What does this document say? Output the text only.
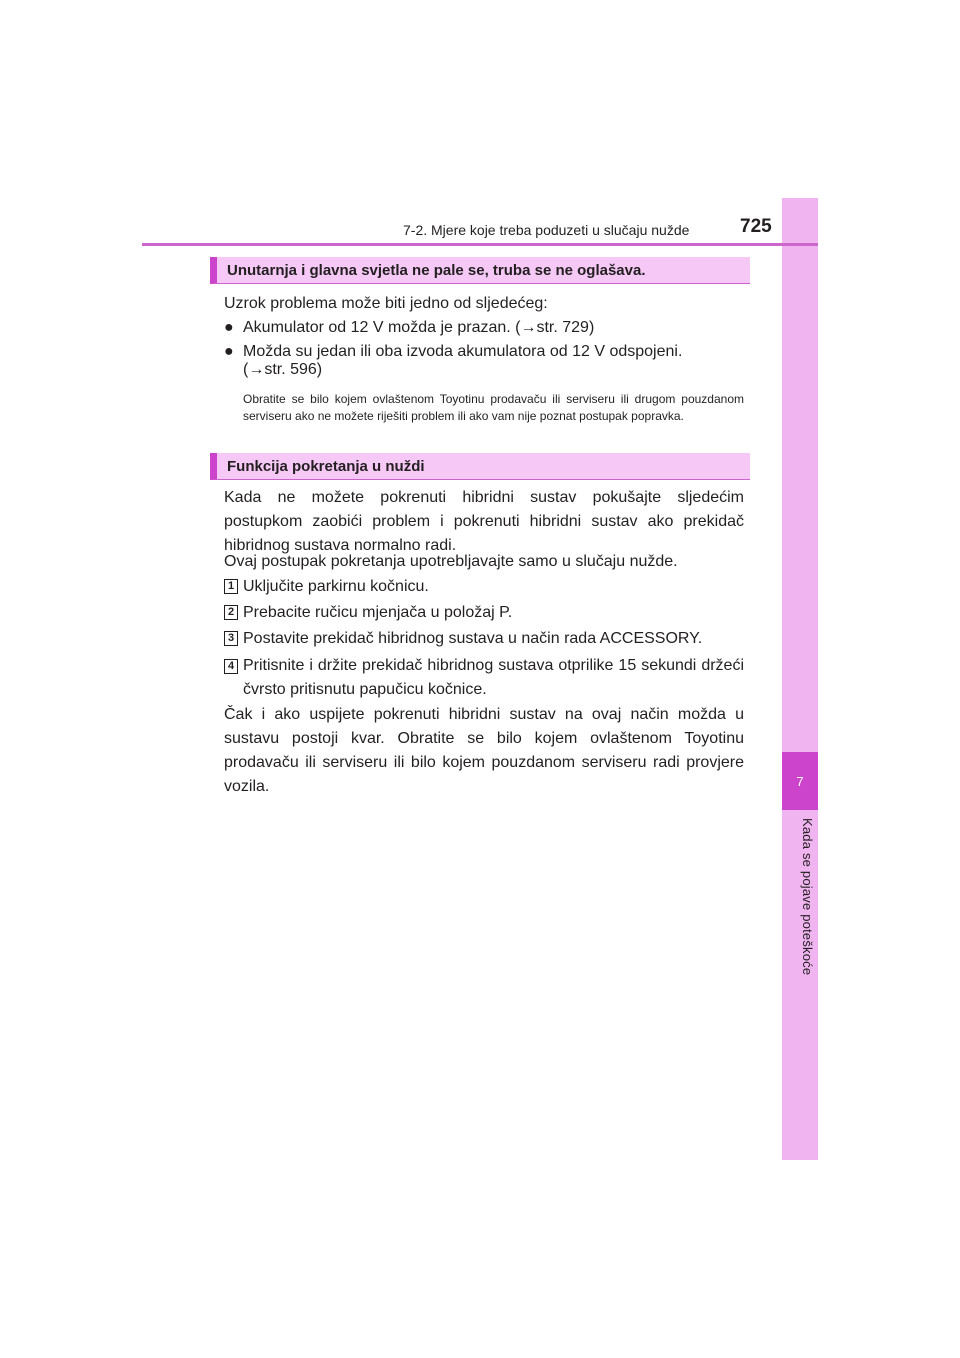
7
Kada se pojave poteškoće
7-2. Mjere koje treba poduzeti u slučaju nužde	725
Unutarnja i glavna svjetla ne pale se, truba se ne oglašava.
Uzrok problema može biti jedno od sljedećeg:
● Akumulator od 12 V možda je prazan. (→str. 729)
● Možda su jedan ili oba izvoda akumulatora od 12 V odspojeni.
(→str. 596)
Obratite se bilo kojem ovlaštenom Toyotinu prodavaču ili serviseru ili drugom pouzdanom serviseru ako ne možete riješiti problem ili ako vam nije poznat postupak popravka.
Funkcija pokretanja u nuždi
Kada ne možete pokrenuti hibridni sustav pokušajte sljedećim postupkom zaobići problem i pokrenuti hibridni sustav ako prekidač hibridnog sustava normalno radi.
Ovaj postupak pokretanja upotrebljavajte samo u slučaju nužde.
1 Uključite parkirnu kočnicu.
2 Prebacite ručicu mjenjača u položaj P.
3 Postavite prekidač hibridnog sustava u način rada ACCESSORY.
4 Pritisnite i držite prekidač hibridnog sustava otprilike 15 sekundi držeći čvrsto pritisnutu papučicu kočnice.
Čak i ako uspijete pokrenuti hibridni sustav na ovaj način možda u sustavu postoji kvar. Obratite se bilo kojem ovlaštenom Toyotinu prodavaču ili serviseru ili bilo kojem pouzdanom serviseru radi provjere vozila.
